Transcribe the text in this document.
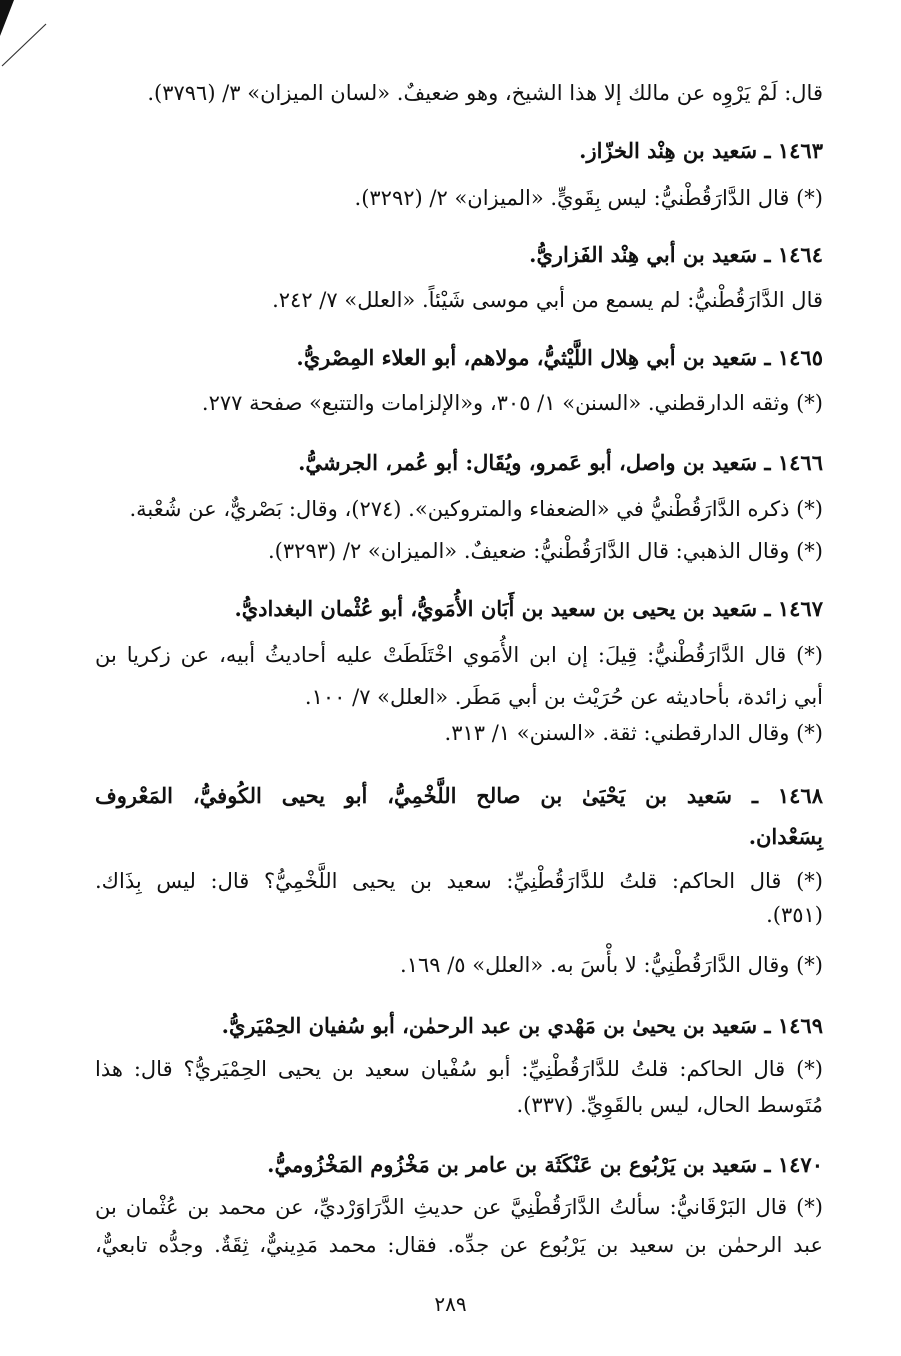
قال: لَمْ يَرْوِه عن مالك إلا هذا الشيخ، وهو ضعيفٌ. «لسان الميزان» ٣/ (٣٧٩٦).
١٤٦٣ ـ سَعيد بن هِنْد الخزّاز.
(*) قال الدَّارَقُطْنيُّ: ليس بِقَويٍّ. «الميزان» ٢/ (٣٢٩٢).
١٤٦٤ ـ سَعيد بن أبي هِنْد الفَزاريُّ.
قال الدَّارَقُطْنيُّ: لم يسمع من أبي موسى شَيْئاً. «العلل» ٧/ ٢٤٢.
١٤٦٥ ـ سَعيد بن أبي هِلال اللَّيْثيُّ، مولاهم، أبو العلاء المِصْريُّ.
(*) وثقه الدارقطني. «السنن» ١/ ٣٠٥، و«الإلزامات والتتبع» صفحة ٢٧٧.
١٤٦٦ ـ سَعيد بن واصل، أبو عَمرو، ويُقَال: أبو عُمر، الجرشيُّ.
(*) ذكره الدَّارَقُطْنيُّ في «الضعفاء والمتروكين». (٢٧٤)، وقال: بَصْريٌّ، عن شُعْبة.
(*) وقال الذهبي: قال الدَّارَقُطْنيُّ: ضعيفٌ. «الميزان» ٢/ (٣٢٩٣).
١٤٦٧ ـ سَعيد بن يحيى بن سعيد بن أَبَان الأُمَويُّ، أبو عُثْمان البغداديُّ.
(*) قال الدَّارَقُطْنيُّ: قِيلَ: إن ابن الأُمَوي اخْتَلَطَتْ عليه أحاديثُ أبيه، عن زكريا بن
أبي زائدة، بأحاديثه عن حُرَيْث بن أبي مَطَر. «العلل» ٧/ ١٠٠.
(*) وقال الدارقطني: ثقة. «السنن» ١/ ٣١٣.
١٤٦٨ ـ سَعيد بن يَحْيَىٰ بن صالح اللَّخْمِيُّ، أبو يحيى الكُوفيُّ، المَعْروف
بِسَعْدان.
(*) قال الحاكم: قلتُ للدَّارَقُطْنِيِّ: سعيد بن يحيى اللَّخْمِيُّ؟ قال: ليس بِذَاك.
(٣٥١).
(*) وقال الدَّارَقُطْنِيُّ: لا بأْسَ به. «العلل» ٥/ ١٦٩.
١٤٦٩ ـ سَعيد بن يحيىٰ بن مَهْدي بن عبد الرحمٰن، أبو سُفيان الحِمْيَريُّ.
(*) قال الحاكم: قلتُ للدَّارَقُطْنِيِّ: أبو سُفْيان سعيد بن يحيى الحِمْيَريُّ؟ قال: هذا
مُتَوسط الحال، ليس بالقَوِيِّ. (٣٣٧).
١٤٧٠ ـ سَعيد بن يَرْبُوع بن عَنْكَثَة بن عامر بن مَخْزُوم المَخْزُوميُّ.
(*) قال البَرْقَانيُّ: سألتُ الدَّارَقُطْنِيَّ عن حديثِ الدَّرَاوَرْديِّ، عن محمد بن عُثْمان بن
عبد الرحمٰن بن سعيد بن يَرْبُوع عن جدِّه. فقال: محمد مَدِينيٌّ، ثِقَةٌ. وجدُّه تابعيٌّ،
٢٨٩
